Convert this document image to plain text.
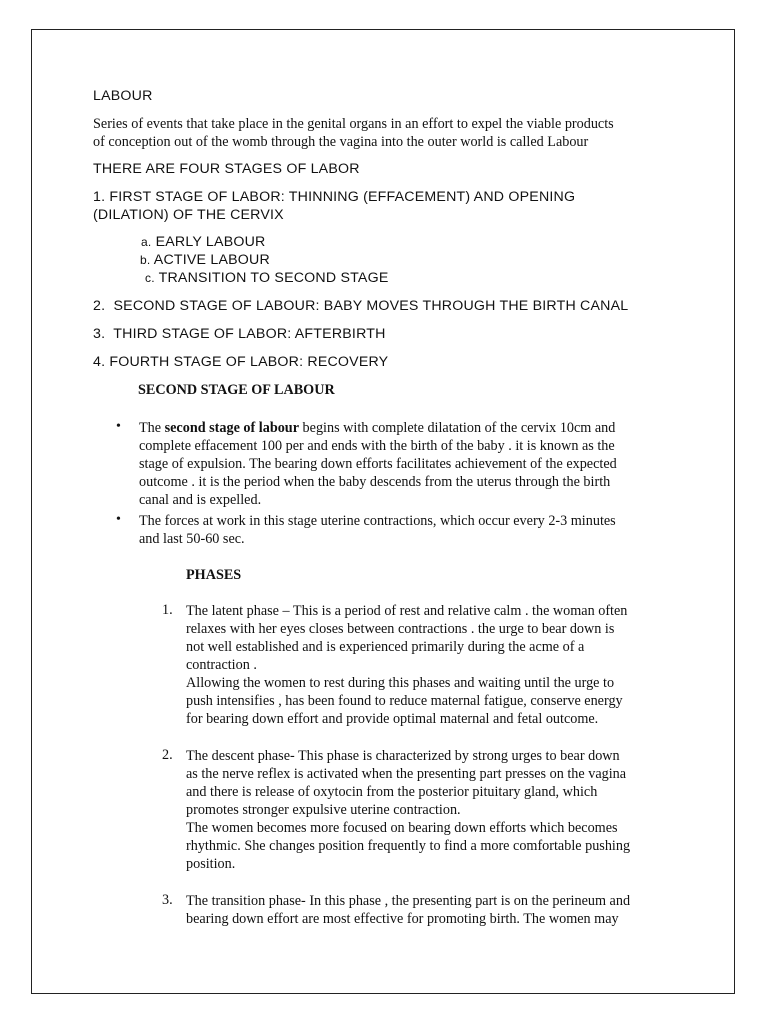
LABOUR

Series of events that take place in the genital organs in an effort to expel the viable products
of conception out of the womb through the vagina into the outer world is called Labour

THERE ARE FOUR STAGES OF LABOR

1. FIRST STAGE OF LABOR: THINNING (EFFACEMENT) AND OPENING
(DILATION) OF THE CERVIX

a. EARLY LABOUR

b. ACTIVE LABOUR

c. TRANSITION TO SECOND STAGE

2.  SECOND STAGE OF LABOUR: BABY MOVES THROUGH THE BIRTH CANAL

3.  THIRD STAGE OF LABOR: AFTERBIRTH

4. FOURTH STAGE OF LABOR: RECOVERY

SECOND STAGE OF LABOUR

• The second stage of labour begins with complete dilatation of the cervix 10cm and
complete effacement 100 per and ends with the birth of the baby . it is known as the
stage of expulsion. The bearing down efforts facilitates achievement of the expected
outcome . it is the period when the baby descends from the uterus through the birth
canal and is expelled.
• The forces at work in this stage uterine contractions, which occur every 2-3 minutes
and last 50-60 sec.

PHASES

1. The latent phase – This is a period of rest and relative calm . the woman often
relaxes with her eyes closes between contractions . the urge to bear down is
not well established and is experienced primarily during the acme of a
contraction .
Allowing the women to rest during this phases and waiting until the urge to
push intensifies , has been found to reduce maternal fatigue, conserve energy
for bearing down effort and provide optimal maternal and fetal outcome.
2. The descent phase- This phase is characterized by strong urges to bear down
as the nerve reflex is activated when the presenting part presses on the vagina
and there is release of oxytocin from the posterior pituitary gland, which
promotes stronger expulsive uterine contraction.
The women becomes more focused on bearing down efforts which becomes
rhythmic. She changes position frequently to find a more comfortable pushing
position.
3. The transition phase- In this phase , the presenting part is on the perineum and
bearing down effort are most effective for promoting birth. The women may
